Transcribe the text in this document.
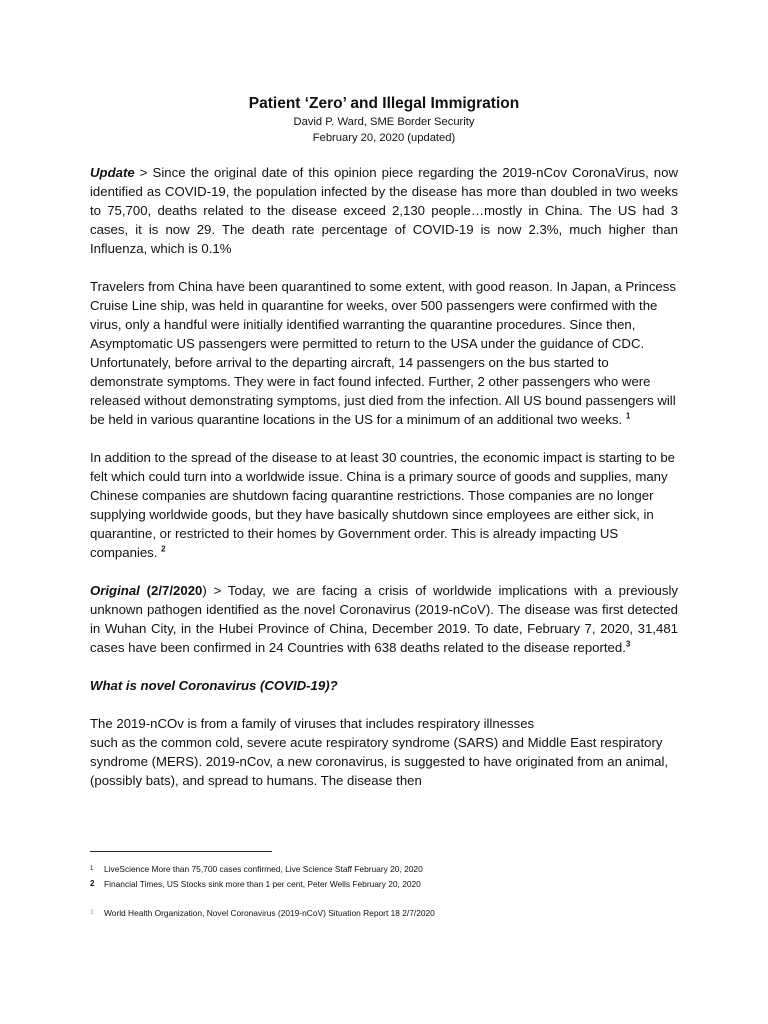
Patient ‘Zero’ and Illegal Immigration

David P. Ward, SME Border Security

February 20, 2020 (updated)

Update > Since the original date of this opinion piece regarding the 2019-nCov CoronaVirus, now identified as COVID-19, the population infected by the disease has more than doubled in two weeks to 75,700, deaths related to the disease exceed 2,130 people…mostly in China. The US had 3 cases, it is now 29. The death rate percentage of COVID-19 is now 2.3%, much higher than Influenza, which is 0.1%

Travelers from China have been quarantined to some extent, with good reason. In Japan, a Princess Cruise Line ship, was held in quarantine for weeks, over 500 passengers were confirmed with the virus, only a handful were initially identified warranting the quarantine procedures. Since then, Asymptomatic US passengers were permitted to return to the USA under the guidance of CDC. Unfortunately, before arrival to the departing aircraft, 14 passengers on the bus started to demonstrate symptoms. They were in fact found infected. Further, 2 other passengers who were released without demonstrating symptoms, just died from the infection. All US bound passengers will be held in various quarantine locations in the US for a minimum of an additional two weeks. $^1$

In addition to the spread of the disease to at least 30 countries, the economic impact is starting to be felt which could turn into a worldwide issue. China is a primary source of goods and supplies, many Chinese companies are shutdown facing quarantine restrictions. Those companies are no longer supplying worldwide goods, but they have basically shutdown since employees are either sick, in quarantine, or restricted to their homes by Government order. This is already impacting US companies. $^2$

Original (2/7/2020) > Today, we are facing a crisis of worldwide implications with a previously unknown pathogen identified as the novel Coronavirus (2019-nCoV). The disease was first detected in Wuhan City, in the Hubei Province of China, December 2019. To date, February 7, 2020, 31,481 cases have been confirmed in 24 Countries with 638 deaths related to the disease reported.$^3$

What is novel Coronavirus (COVID-19)?

The 2019-nCOv is from a family of viruses that includes respiratory illnesses
such as the common cold, severe acute respiratory syndrome (SARS) and Middle East respiratory syndrome (MERS). 2019-nCov, a new coronavirus, is suggested to have originated from an animal, (possibly bats), and spread to humans. The disease then

1 LiveScience More than 75,700 cases confirmed, Live Science Staff February 20, 2020
2 Financial Times, US Stocks sink more than 1 per cent, Peter Wells February 20, 2020
3 World Health Organization, Novel Coronavirus (2019-nCoV) Situation Report 18 2/7/2020
